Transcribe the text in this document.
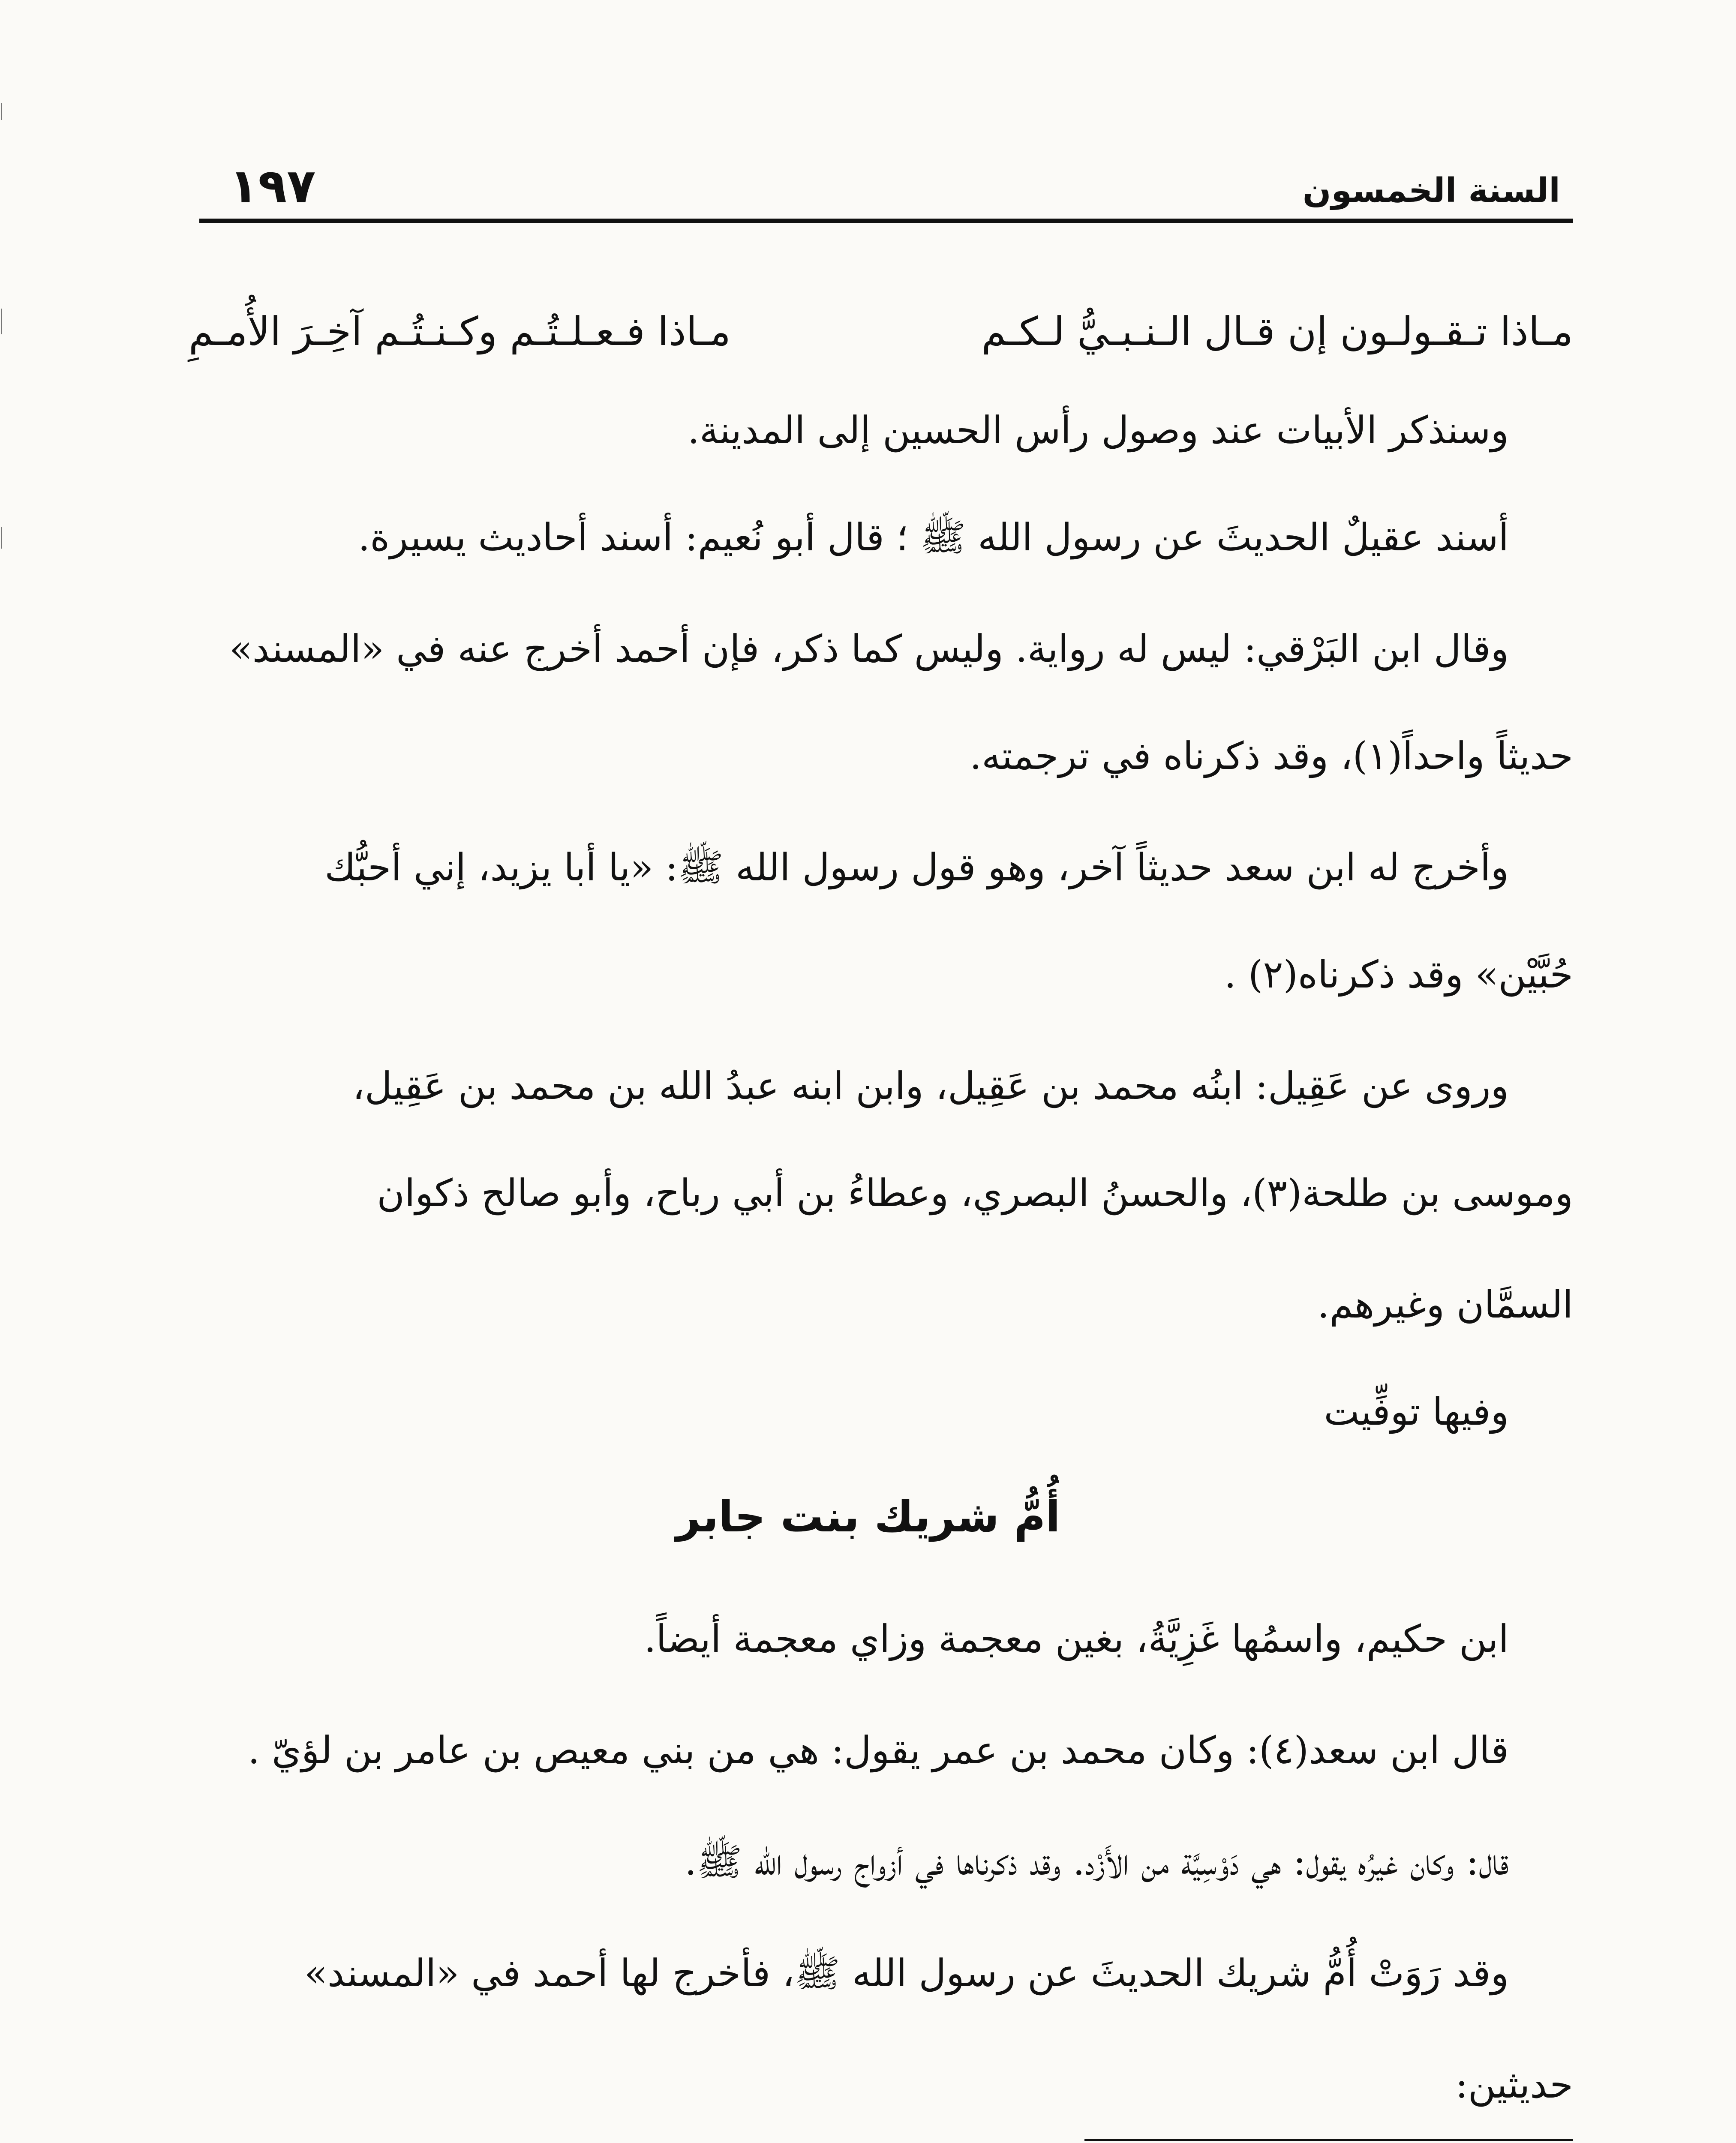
السنة الخمسون
١٩٧
مـاذا تـقـولـون إن قـال الـنـبـيُّ لـكـم
مـاذا فـعـلـتُـم وكـنـتُـم آخِـرَ الأُمـمِ
وسنذكر الأبيات عند وصول رأس الحسين إلى المدينة.
أسند عقيلٌ الحديثَ عن رسول الله ﷺ ؛ قال أبو نُعيم: أسند أحاديث يسيرة.
وقال ابن البَرْقي: ليس له رواية. وليس كما ذكر، فإن أحمد أخرج عنه في «المسند»
حديثاً واحداً(١)، وقد ذكرناه في ترجمته.
وأخرج له ابن سعد حديثاً آخر، وهو قول رسول الله ﷺ: «يا أبا يزيد، إني أحبُّك
حُبَّيْن» وقد ذكرناه(٢) .
وروى عن عَقِيل: ابنُه محمد بن عَقِيل، وابن ابنه عبدُ الله بن محمد بن عَقِيل،
وموسى بن طلحة(٣)، والحسنُ البصري، وعطاءُ بن أبي رباح، وأبو صالح ذكوان
السمَّان وغيرهم.
وفيها توفِّيت
أُمُّ شريك بنت جابر
ابن حكيم، واسمُها غَزِيَّةُ، بغين معجمة وزاي معجمة أيضاً.
قال ابن سعد(٤): وكان محمد بن عمر يقول: هي من بني معيص بن عامر بن لؤيّ .
قال: وكان غيرُه يقول: هي دَوْسِيَّة من الأَزْد. وقد ذكرناها في أزواج رسول الله ﷺ.
وقد رَوَتْ أُمُّ شريك الحديثَ عن رسول الله ﷺ، فأخرج لها أحمد في «المسند»
حديثين:
